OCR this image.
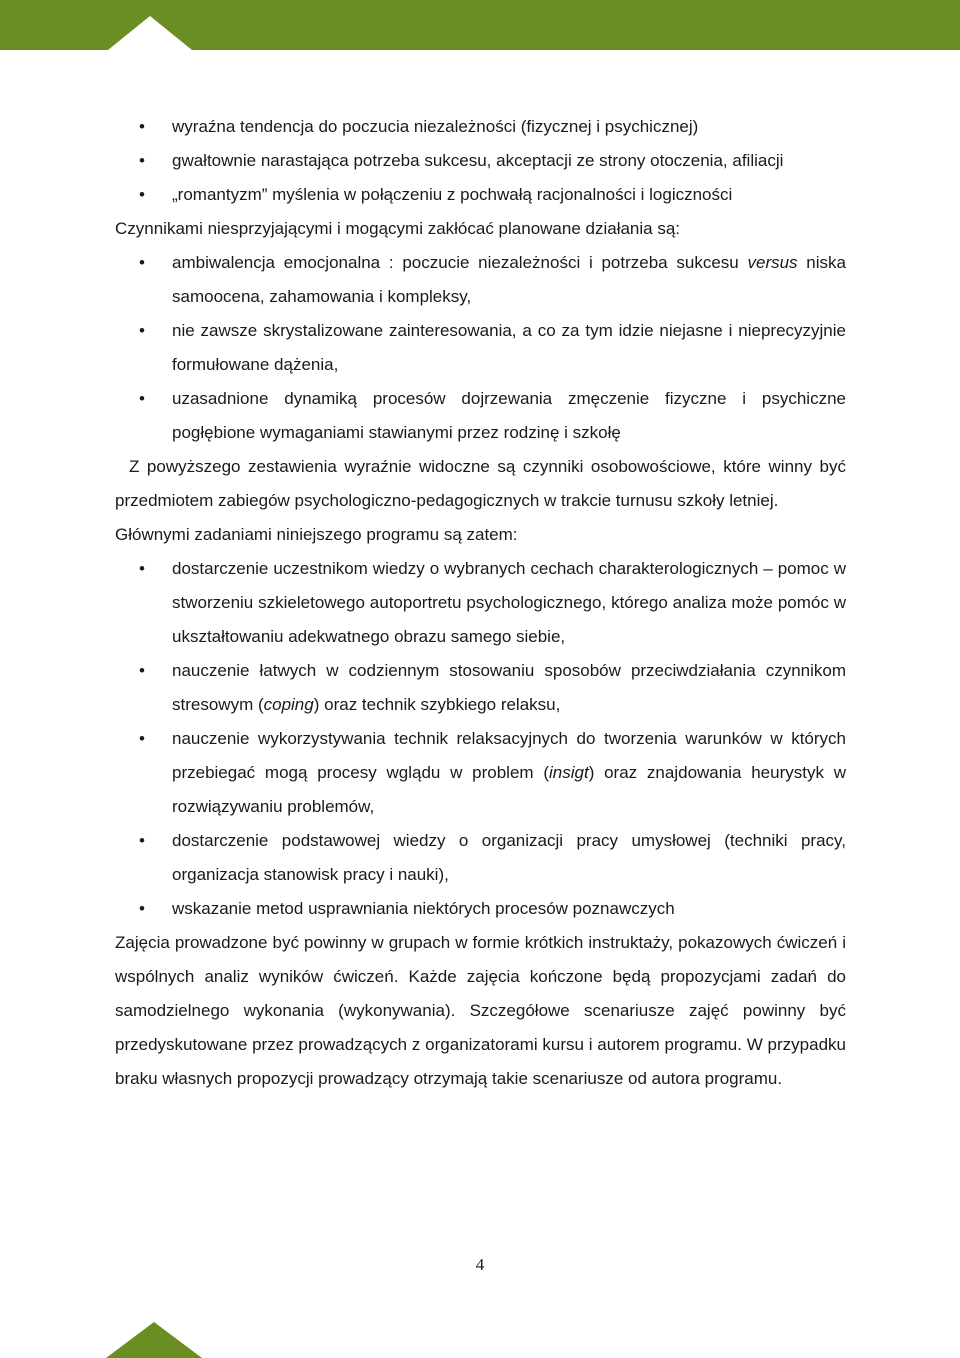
• wyraźna tendencja do poczucia niezależności (fizycznej i psychicznej)
• gwałtownie narastająca potrzeba sukcesu, akceptacji ze strony otoczenia, afiliacji
• „romantyzm” myślenia w połączeniu z pochwałą racjonalności i logiczności

Czynnikami niesprzyjającymi i mogącymi zakłócać planowane działania są:

• ambiwalencja emocjonalna : poczucie niezależności i potrzeba sukcesu versus niska samoocena, zahamowania i kompleksy,
• nie zawsze skrystalizowane zainteresowania, a co za tym idzie niejasne i nieprecyzyjnie formułowane dążenia,
• uzasadnione dynamiką procesów dojrzewania zmęczenie fizyczne i psychiczne pogłębione wymaganiami stawianymi przez rodzinę i szkołę

Z powyższego zestawienia wyraźnie widoczne są czynniki osobowościowe, które winny być przedmiotem zabiegów psychologiczno-pedagogicznych w trakcie turnusu szkoły letniej.

Głównymi zadaniami niniejszego programu są zatem:

• dostarczenie uczestnikom wiedzy o wybranych cechach charakterologicznych – pomoc w stworzeniu szkieletowego autoportretu psychologicznego, którego analiza może pomóc w ukształtowaniu adekwatnego obrazu samego siebie,
• nauczenie łatwych w codziennym stosowaniu sposobów przeciwdziałania czynnikom stresowym (coping) oraz technik szybkiego relaksu,
• nauczenie wykorzystywania technik relaksacyjnych do tworzenia warunków w których przebiegać mogą procesy wglądu w problem (insigt) oraz znajdowania heurystyk w rozwiązywaniu problemów,
• dostarczenie podstawowej wiedzy o organizacji pracy umysłowej (techniki pracy, organizacja stanowisk pracy i nauki),
• wskazanie metod usprawniania niektórych procesów poznawczych

Zajęcia prowadzone być powinny w grupach w formie krótkich instruktaży, pokazowych ćwiczeń i wspólnych analiz wyników ćwiczeń. Każde zajęcia kończone będą propozycjami zadań do samodzielnego wykonania (wykonywania). Szczegółowe scenariusze zajęć powinny być przedyskutowane przez prowadzących z organizatorami kursu i autorem programu. W przypadku braku własnych propozycji prowadzący otrzymają takie scenariusze od autora programu.

4
